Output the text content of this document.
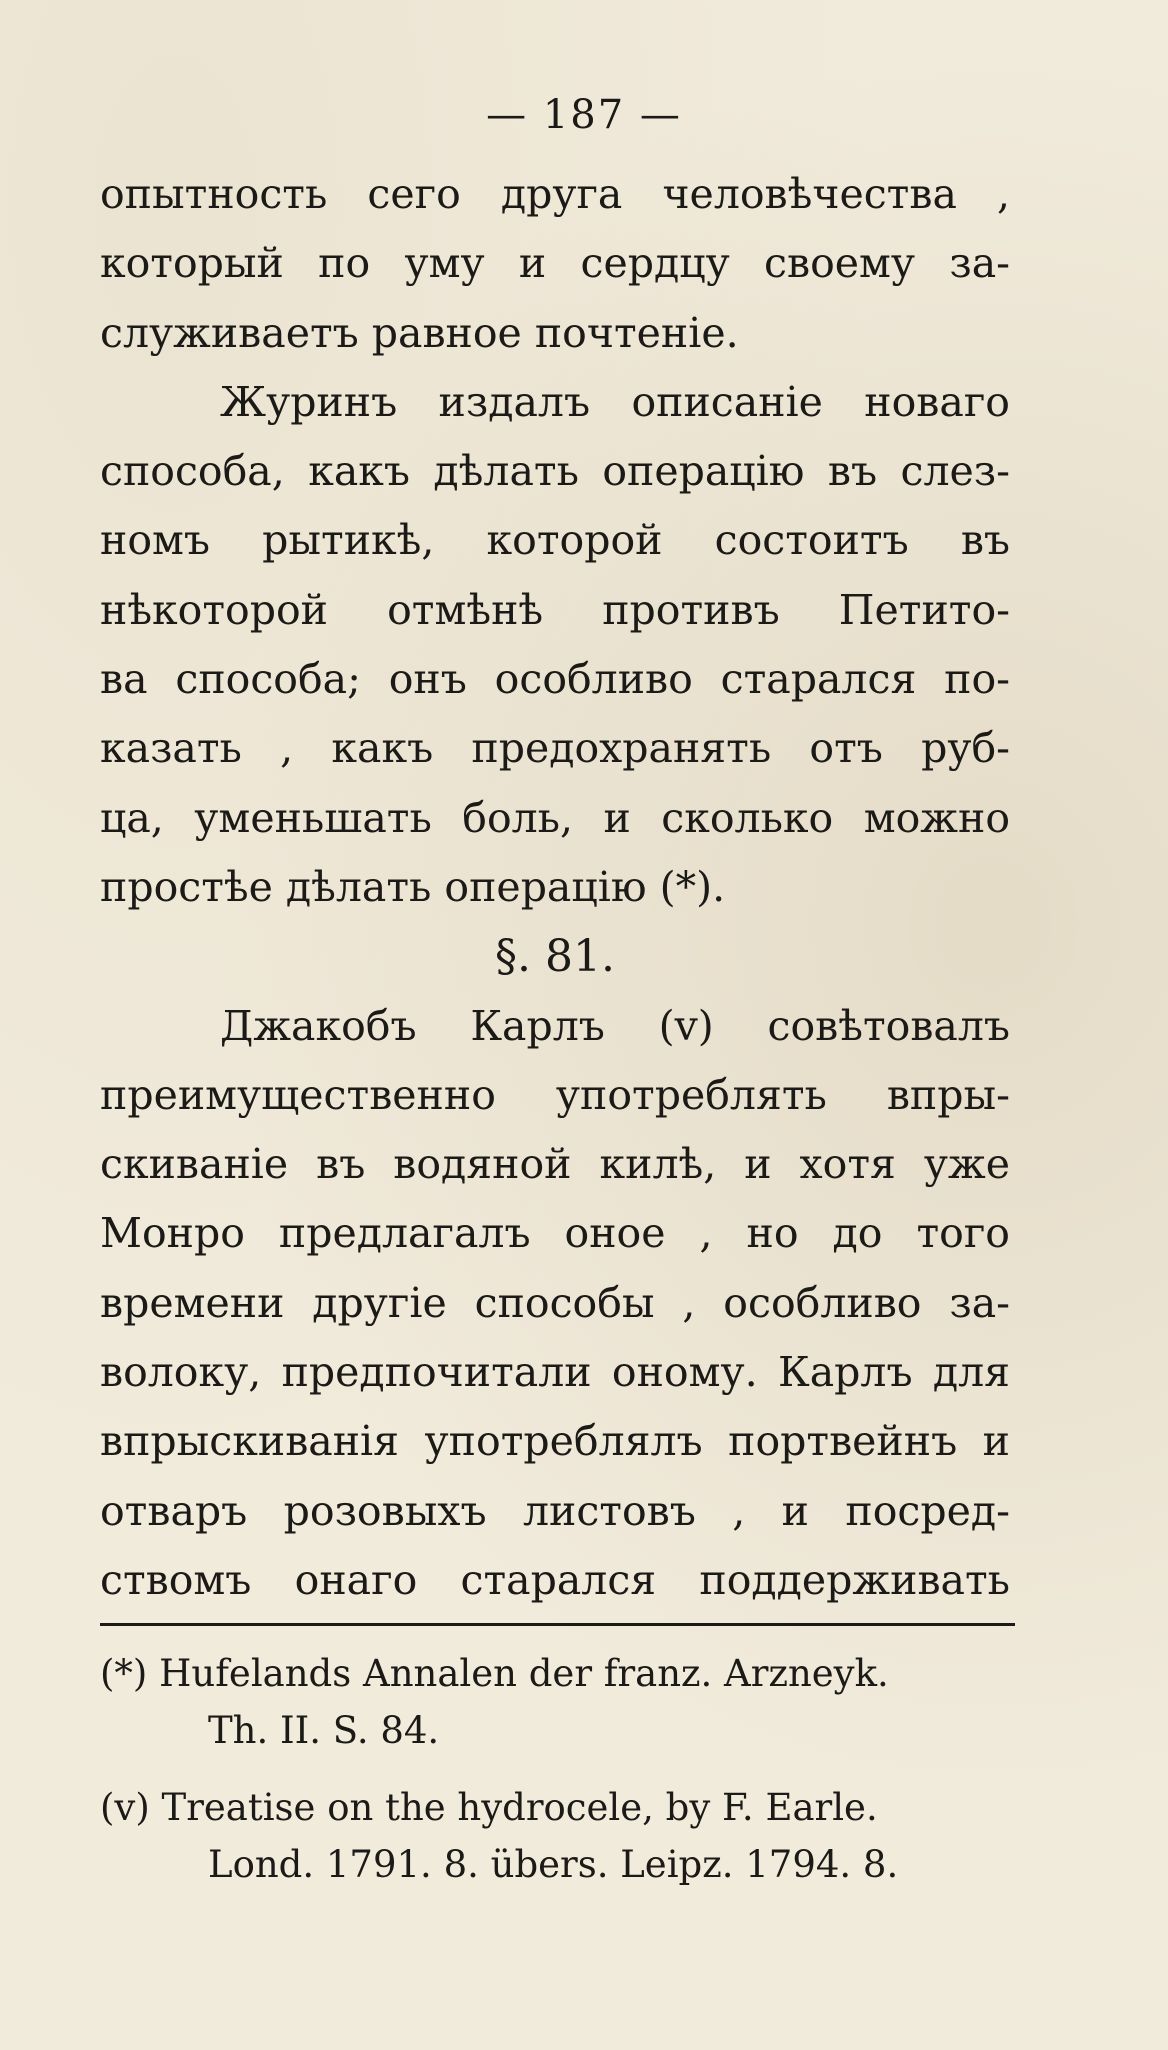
— 187 —
опытность сего друга человѣчества ,
который по уму и сердцу своему за-
служиваетъ равное почтеніе.
Журинъ издалъ описаніе новаго
способа, какъ дѣлать операцію въ слез-
номъ рытикѣ, которой состоитъ въ
нѣкоторой отмѣнѣ противъ Петито-
ва способа; онъ особливо старался по-
казать , какъ предохранять отъ руб-
ца, уменьшать боль, и сколько можно
простѣе дѣлать операцію (*).
§. 81.
Джакобъ Карлъ (v) совѣтовалъ
преимущественно употреблять впры-
скиваніе въ водяной килѣ, и хотя уже
Монро предлагалъ оное , но до того
времени другіе способы , особливо за-
волоку, предпочитали оному. Карлъ для
впрыскиванія употреблялъ портвейнъ и
отваръ розовыхъ листовъ , и посред-
ствомъ онаго старался поддерживать
(*) Hufelands Annalen der franz. Arzneyk.
Th. II. S. 84.
(v) Treatise on the hydrocele, by F. Earle.
Lond. 1791. 8. übers. Leipz. 1794. 8.
